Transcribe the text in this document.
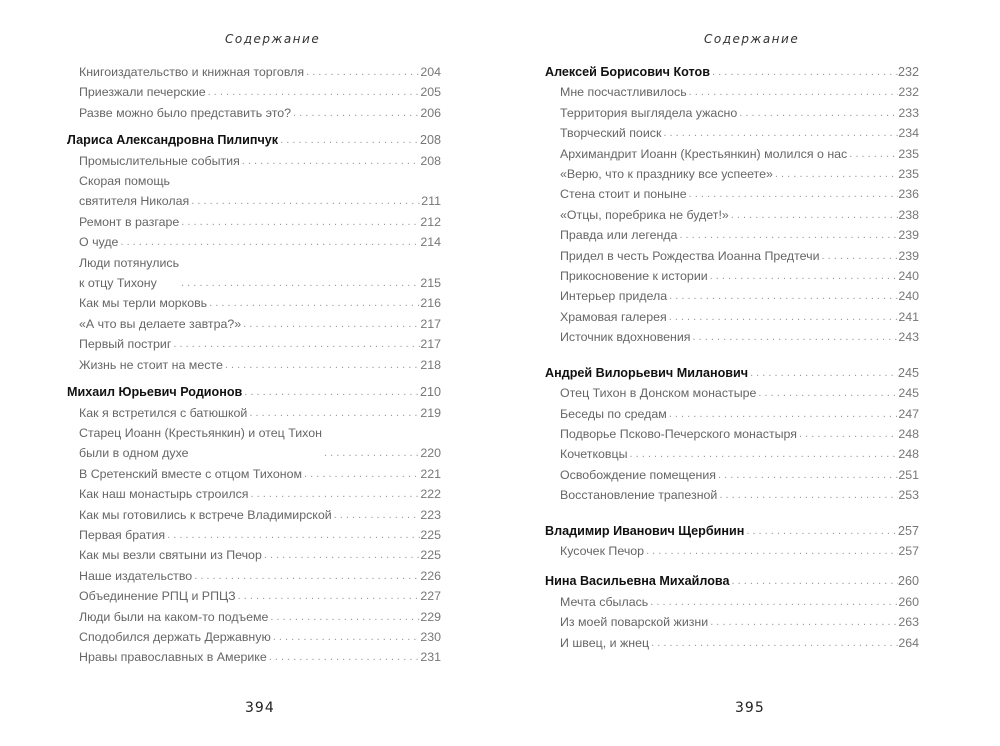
Содержание
Книгоиздательство и книжная торговля . . .	204
Приезжали печерские . . .	205
Разве можно было представить это? . . .	206
Лариса Александровна Пилипчук . . .	208
Промыслительные события . . .	208
Скорая помощь
святителя Николая . . .	211
Ремонт в разгаре . . .	212
О чуде . . .	214
Люди потянулись
к отцу Тихону . . .	215
Как мы терли морковь . . .	216
«А что вы делаете завтра?» . . .	217
Первый постриг . . .	217
Жизнь не стоит на месте . . .	218
Михаил Юрьевич Родионов . . .	210
Как я встретился с батюшкой . . .	219
Старец Иоанн (Крестьянкин) и отец Тихон
были в одном духе . . .	220
В Сретенский вместе с отцом Тихоном . . .	221
Как наш монастырь строился . . .	222
Как мы готовились к встрече Владимирской . . .	223
Первая братия . . .	225
Как мы везли святыни из Печор . . .	225
Наше издательство . . .	226
Объединение РПЦ и РПЦЗ . . .	227
Люди были на каком-то подъеме . . .	229
Сподобился держать Державную . . .	230
Нравы православных в Америке . . .	231
394
Содержание
Алексей Борисович Котов . . .	232
Мне посчастливилось . . .	232
Территория выглядела ужасно . . .	233
Творческий поиск . . .	234
Архимандрит Иоанн (Крестьянкин) молился о нас . . .	235
«Верю, что к празднику все успеете» . . .	235
Стена стоит и поныне . . .	236
«Отцы, поребрика не будет!» . . .	238
Правда или легенда . . .	239
Придел в честь Рождества Иоанна Предтечи . . .	239
Прикосновение к истории . . .	240
Интерьер придела . . .	240
Храмовая галерея . . .	241
Источник вдохновения . . .	243
Андрей Вилорьевич Миланович . . .	245
Отец Тихон в Донском монастыре . . .	245
Беседы по средам . . .	247
Подворье Псково-Печерского монастыря . . .	248
Кочетковцы . . .	248
Освобождение помещения . . .	251
Восстановление трапезной . . .	253
Владимир Иванович Щербинин . . .	257
Кусочек Печор . . .	257
Нина Васильевна Михайлова . . .	260
Мечта сбылась . . .	260
Из моей поварской жизни . . .	263
И швец, и жнец . . .	264
395
